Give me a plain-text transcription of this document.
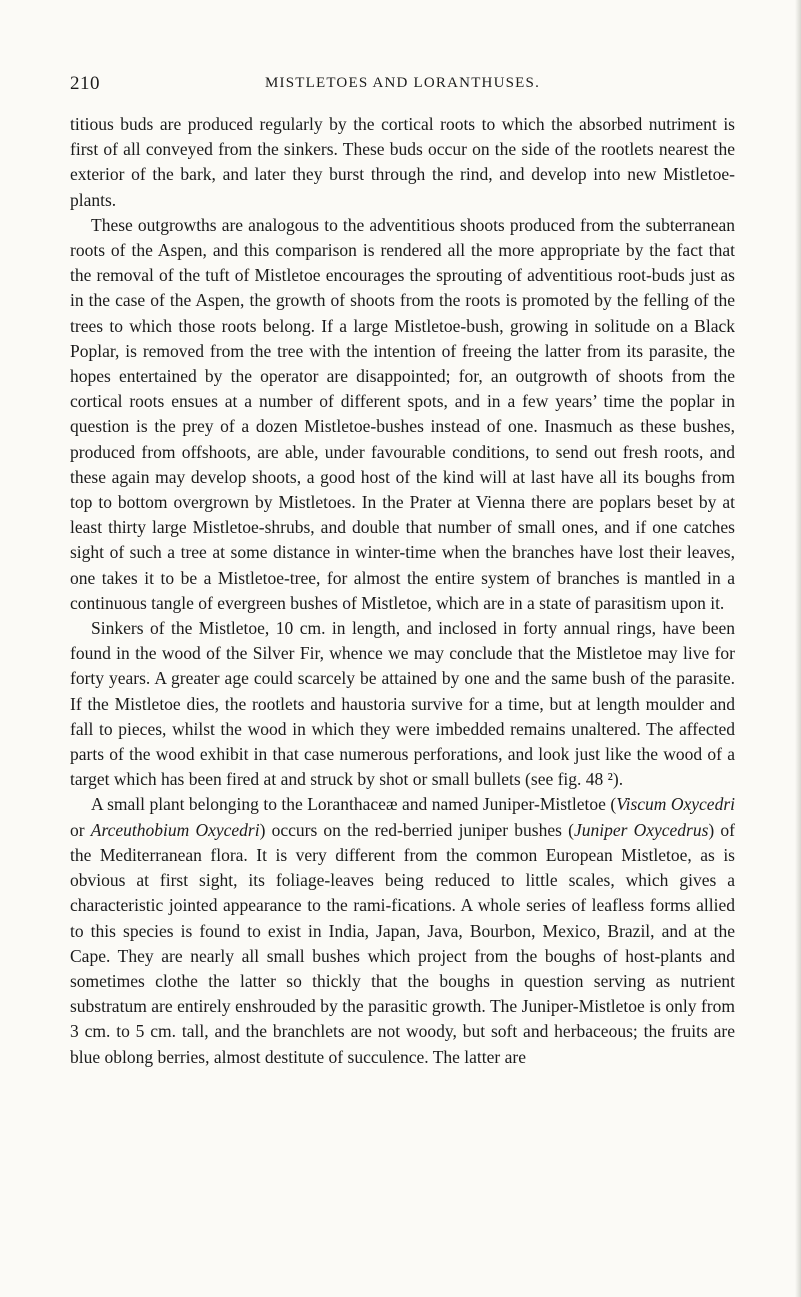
210	MISTLETOES AND LORANTHUSES.

titious buds are produced regularly by the cortical roots to which the absorbed nutriment is first of all conveyed from the sinkers. These buds occur on the side of the rootlets nearest the exterior of the bark, and later they burst through the rind, and develop into new Mistletoe-plants.

These outgrowths are analogous to the adventitious shoots produced from the subterranean roots of the Aspen, and this comparison is rendered all the more appropriate by the fact that the removal of the tuft of Mistletoe encourages the sprouting of adventitious root-buds just as in the case of the Aspen, the growth of shoots from the roots is promoted by the felling of the trees to which those roots belong. If a large Mistletoe-bush, growing in solitude on a Black Poplar, is removed from the tree with the intention of freeing the latter from its parasite, the hopes entertained by the operator are disappointed; for, an outgrowth of shoots from the cortical roots ensues at a number of different spots, and in a few years’ time the poplar in question is the prey of a dozen Mistletoe-bushes instead of one. Inasmuch as these bushes, produced from offshoots, are able, under favourable conditions, to send out fresh roots, and these again may develop shoots, a good host of the kind will at last have all its boughs from top to bottom overgrown by Mistletoes. In the Prater at Vienna there are poplars beset by at least thirty large Mistletoe-shrubs, and double that number of small ones, and if one catches sight of such a tree at some distance in winter-time when the branches have lost their leaves, one takes it to be a Mistletoe-tree, for almost the entire system of branches is mantled in a continuous tangle of evergreen bushes of Mistletoe, which are in a state of parasitism upon it.

Sinkers of the Mistletoe, 10 cm. in length, and inclosed in forty annual rings, have been found in the wood of the Silver Fir, whence we may conclude that the Mistletoe may live for forty years. A greater age could scarcely be attained by one and the same bush of the parasite. If the Mistletoe dies, the rootlets and haustoria survive for a time, but at length moulder and fall to pieces, whilst the wood in which they were imbedded remains unaltered. The affected parts of the wood exhibit in that case numerous perforations, and look just like the wood of a target which has been fired at and struck by shot or small bullets (see fig. 48 ²).

A small plant belonging to the Loranthaceæ and named Juniper-Mistletoe (Viscum Oxycedri or Arceuthobium Oxycedri) occurs on the red-berried juniper bushes (Juniper Oxycedrus) of the Mediterranean flora. It is very different from the common European Mistletoe, as is obvious at first sight, its foliage-leaves being reduced to little scales, which gives a characteristic jointed appearance to the rami-fications. A whole series of leafless forms allied to this species is found to exist in India, Japan, Java, Bourbon, Mexico, Brazil, and at the Cape. They are nearly all small bushes which project from the boughs of host-plants and sometimes clothe the latter so thickly that the boughs in question serving as nutrient substratum are entirely enshrouded by the parasitic growth. The Juniper-Mistletoe is only from 3 cm. to 5 cm. tall, and the branchlets are not woody, but soft and herbaceous; the fruits are blue oblong berries, almost destitute of succulence. The latter are
